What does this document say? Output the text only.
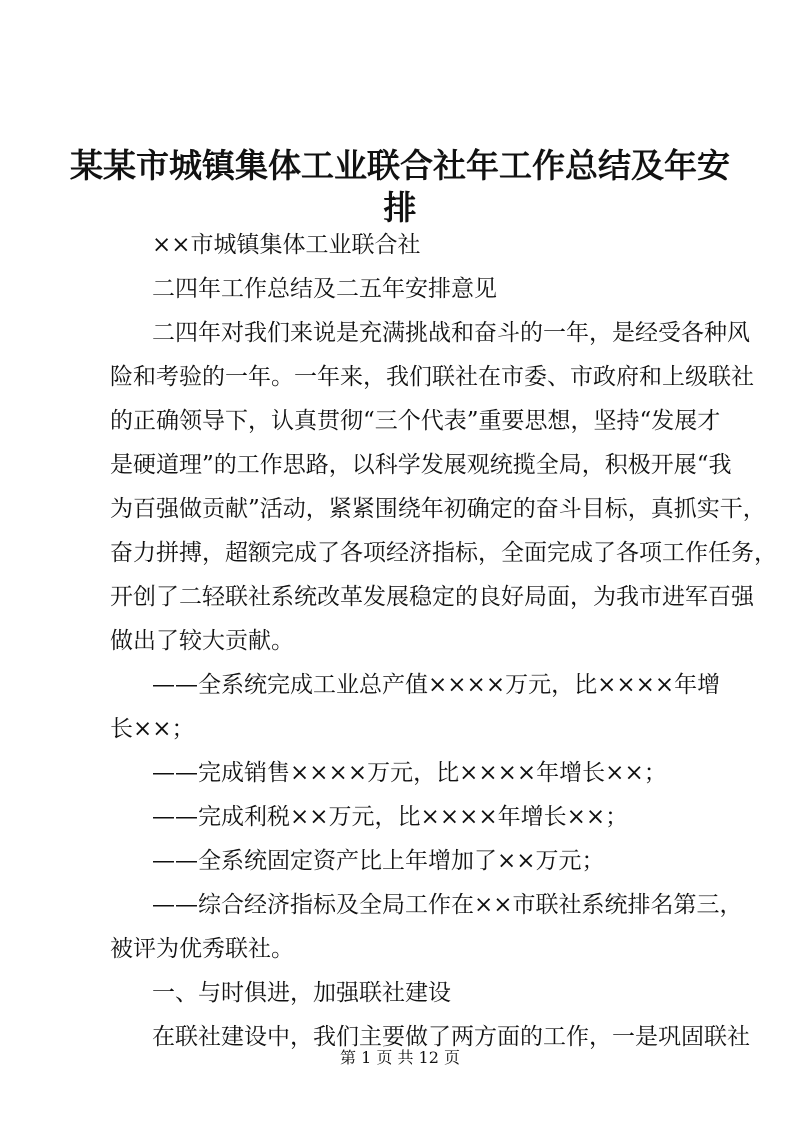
某某市城镇集体工业联合社年工作总结及年安
排

××市城镇集体工业联合社

二四年工作总结及二五年安排意见

二四年对我们来说是充满挑战和奋斗的一年，是经受各种风

险和考验的一年。一年来，我们联社在市委、市政府和上级联社

的正确领导下，认真贯彻“三个代表”重要思想，坚持“发展才

是硬道理”的工作思路，以科学发展观统揽全局，积极开展“我

为百强做贡献”活动，紧紧围绕年初确定的奋斗目标，真抓实干，

奋力拼搏，超额完成了各项经济指标，全面完成了各项工作任务，

开创了二轻联社系统改革发展稳定的良好局面，为我市进军百强

做出了较大贡献。

——全系统完成工业总产值××××万元，比××××年增

长××；

——完成销售××××万元，比××××年增长××；

——完成利税××万元，比××××年增长××；

——全系统固定资产比上年增加了××万元；

——综合经济指标及全局工作在××市联社系统排名第三，

被评为优秀联社。

一、与时俱进，加强联社建设

在联社建设中，我们主要做了两方面的工作，一是巩固联社

第 1 页 共 12 页
